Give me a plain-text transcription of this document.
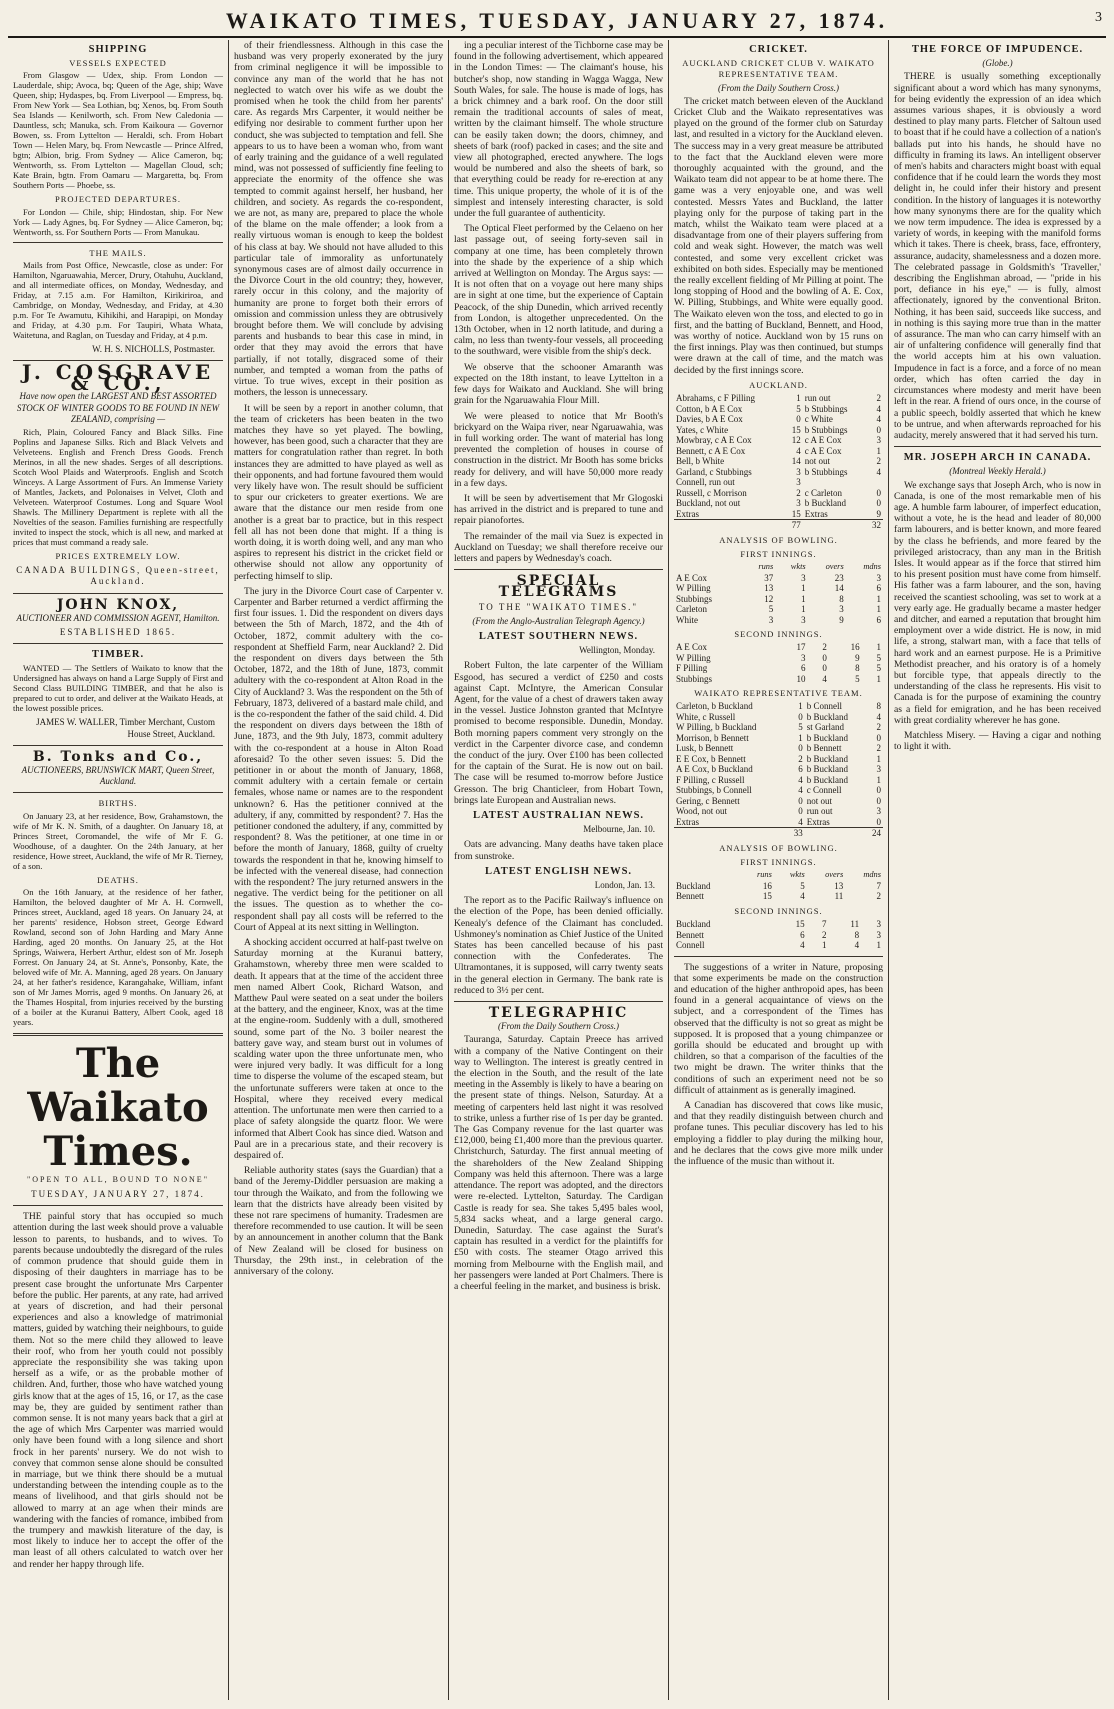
WAIKATO TIMES, TUESDAY, JANUARY 27, 1874.	3
SHIPPING
VESSELS EXPECTED

From Glasgow — Udex, ship. From London — Lauderdale, ship; Avoca, bq; Queen of the Age, ship; Wave Queen, ship; Hydaspes, bq. From Liverpool — Empress, bq. From New York — Sea Lothian, bq; Xenos, bq. From South Sea Islands — Kenilworth, sch. From New Caledonia — Dauntless, sch; Manuka, sch. From Kaikoura — Governor Bowen, ss. From Lyttelton — Heraldi, sch. From Hobart Town — Helen Mary, bq. From Newcastle — Prince Alfred, bgtn; Albion, brig. From Sydney — Alice Cameron, bq; Wentworth, ss. From Lyttelton — Magellan Cloud, sch; Kate Brain, bgtn. From Oamaru — Margaretta, bq. From Southern Ports — Phoebe, ss.

PROJECTED DEPARTURES.

For London — Chile, ship; Hindostan, ship. For New York — Lady Agnes, bq. For Sydney — Alice Cameron, bq; Wentworth, ss. For Southern Ports — From Manukau.

THE MAILS.

Mails from Post Office, Newcastle, close as under: For Hamilton, Ngaruawahia, Mercer, Drury, Otahuhu, Auckland, and all intermediate offices, on Monday, Wednesday, and Friday, at 7.15 a.m. For Hamilton, Kirikiriroa, and Cambridge, on Monday, Wednesday, and Friday, at 4.30 p.m. For Te Awamutu, Kihikihi, and Harapipi, on Monday and Friday, at 4.30 p.m. For Taupiri, Whata Whata, Waitetuna, and Raglan, on Tuesday and Friday, at 4 p.m.

W. H. S. NICHOLLS, Postmaster.
J. COSGRAVE & CO.,
Have now open the LARGEST AND BEST ASSORTED STOCK OF WINTER GOODS TO BE FOUND IN NEW ZEALAND, comprising —

Rich, Plain, Coloured Fancy and Black Silks. Fine Poplins and Japanese Silks. Rich and Black Velvets and Velveteens. English and French Dress Goods. French Merinos, in all the new shades. Serges of all descriptions. Scotch Wool Plaids and Waterproofs. English and Scotch Winceys. A Large Assortment of Furs. An Immense Variety of Mantles, Jackets, and Polonaises in Velvet, Cloth and Velveteen. Waterproof Costumes. Long and Square Wool Shawls. The Millinery Department is replete with all the Novelties of the season. Families furnishing are respectfully invited to inspect the stock, which is all new, and marked at prices that must command a ready sale.

PRICES EXTREMELY LOW.
CANADA BUILDINGS, Queen-street, Auckland.
JOHN KNOX,
AUCTIONEER AND COMMISSION AGENT, Hamilton.
ESTABLISHED 1865.
TIMBER.

WANTED — The Settlers of Waikato to know that the Undersigned has always on hand a Large Supply of First and Second Class BUILDING TIMBER, and that he also is prepared to cut to order, and deliver at the Waikato Heads, at the lowest possible prices.

JAMES W. WALLER, Timber Merchant, Custom House Street, Auckland.
B. Tonks and Co.,
AUCTIONEERS, BRUNSWICK MART, Queen Street, Auckland.
BIRTHS.

On January 23, at her residence, Bow, Grahamstown, the wife of Mr K. N. Smith, of a daughter. On January 18, at Princes Street, Coromandel, the wife of Mr F. G. Woodhouse, of a daughter. On the 24th January, at her residence, Howe street, Auckland, the wife of Mr R. Tierney, of a son.

DEATHS.

On the 16th January, at the residence of her father, Hamilton, the beloved daughter of Mr A. H. Cornwell, Princes street, Auckland, aged 18 years. On January 24, at her parents' residence, Hobson street, George Edward Rowland, second son of John Harding and Mary Anne Harding, aged 20 months. On January 25, at the Hot Springs, Waiwera, Herbert Arthur, eldest son of Mr. Joseph Forrest. On January 24, at St. Anne's, Ponsonby, Kate, the beloved wife of Mr. A. Manning, aged 28 years. On January 24, at her father's residence, Karangahake, William, infant son of Mr James Morris, aged 9 months. On January 26, at the Thames Hospital, from injuries received by the bursting of a boiler at the Kuranui Battery, Albert Cook, aged 18 years.

The Waikato Times.
"OPEN TO ALL, BOUND TO NONE"
TUESDAY, JANUARY 27, 1874.

THE painful story that has occupied so much attention during the last week should prove a valuable lesson to parents, to husbands, and to wives. To parents because undoubtedly the disregard of the rules of common prudence that should guide them in disposing of their daughters in marriage has to be present case brought the unfortunate Mrs Carpenter before the public. Her parents, at any rate, had arrived at years of discretion, and had their personal experiences and also a knowledge of matrimonial matters, guided by watching their neighbours, to guide them. Not so the mere child they allowed to leave their roof, who from her youth could not possibly appreciate the responsibility she was taking upon herself as a wife, or as the probable mother of children. And, further, those who have watched young girls know that at the ages of 15, 16, or 17, as the case may be, they are guided by sentiment rather than common sense. It is not many years back that a girl at the age of which Mrs Carpenter was married would only have been found with a long silence and short frock in her parents' nursery. We do not wish to convey that common sense alone should be consulted in marriage, but we think there should be a mutual understanding between the intending couple as to the means of livelihood, and that girls should not be allowed to marry at an age when their minds are wandering with the fancies of romance, imbibed from the trumpery and mawkish literature of the day, is most likely to induce her to accept the offer of the man least of all others calculated to watch over her and render her happy through life.

of their friendlessness. Although in this case the husband was very properly exonerated by the jury from criminal negligence it will be impossible to convince any man of the world that he has not neglected to watch over his wife as we doubt the promised when he took the child from her parents' care. As regards Mrs Carpenter, it would neither be edifying nor desirable to comment further upon her conduct, she was subjected to temptation and fell. She appears to us to have been a woman who, from want of early training and the guidance of a well regulated mind, was not possessed of sufficiently fine feeling to appreciate the enormity of the offence she was tempted to commit against herself, her husband, her children, and society. As regards the co-respondent, we are not, as many are, prepared to place the whole of the blame on the male offender; a look from a really virtuous woman is enough to keep the boldest of his class at bay. We should not have alluded to this particular tale of immorality as unfortunately synonymous cases are of almost daily occurrence in the Divorce Court in the old country; they, however, rarely occur in this colony, and the majority of humanity are prone to forget both their errors of omission and commission unless they are obtrusively brought before them. We will conclude by advising parents and husbands to bear this case in mind, in order that they may avoid the errors that have partially, if not totally, disgraced some of their number, and tempted a woman from the paths of virtue. To true wives, except in their position as mothers, the lesson is unnecessary.

It will be seen by a report in another column, that the team of cricketers has been beaten in the two matches they have so yet played. The bowling, however, has been good, such a character that they are matters for congratulation rather than regret. In both instances they are admitted to have played as well as their opponents, and had fortune favoured them would very likely have won. The result should be sufficient to spur our cricketers to greater exertions. We are aware that the distance our men reside from one another is a great bar to practice, but in this respect fell all has not been done that might. If a thing is worth doing, it is worth doing well, and any man who aspires to represent his district in the cricket field or otherwise should not allow any opportunity of perfecting himself to slip.

The jury in the Divorce Court case of Carpenter v. Carpenter and Barber returned a verdict affirming the first four issues. 1. Did the respondent on divers days between the 5th of March, 1872, and the 4th of October, 1872, commit adultery with the co-respondent at Sheffield Farm, near Auckland? 2. Did the respondent on divers days between the 5th October, 1872, and the 18th of June, 1873, commit adultery with the co-respondent at Alton Road in the City of Auckland? 3. Was the respondent on the 5th of February, 1873, delivered of a bastard male child, and is the co-respondent the father of the said child. 4. Did the respondent on divers days between the 18th of June, 1873, and the 9th July, 1873, commit adultery with the co-respondent at a house in Alton Road aforesaid? To the other seven issues: 5. Did the petitioner in or about the month of January, 1868, commit adultery with a certain female or certain females, whose name or names are to the respondent unknown? 6. Has the petitioner connived at the adultery, if any, committed by respondent? 7. Has the petitioner condoned the adultery, if any, committed by respondent? 8. Was the petitioner, at one time in or before the month of January, 1868, guilty of cruelty towards the respondent in that he, knowing himself to be infected with the venereal disease, had connection with the respondent? The jury returned answers in the negative. The verdict being for the petitioner on all the issues. The question as to whether the co-respondent shall pay all costs will be referred to the Court of Appeal at its next sitting in Wellington.

A shocking accident occurred at half-past twelve on Saturday morning at the Kuranui battery, Grahamstown, whereby three men were scalded to death. It appears that at the time of the accident three men named Albert Cook, Richard Watson, and Matthew Paul were seated on a seat under the boilers at the battery, and the engineer, Knox, was at the time at the engine-room. Suddenly with a dull, smothered sound, some part of the No. 3 boiler nearest the battery gave way, and steam burst out in volumes of scalding water upon the three unfortunate men, who were injured very badly. It was difficult for a long time to disperse the volume of the escaped steam, but the unfortunate sufferers were taken at once to the Hospital, where they received every medical attention. The unfortunate men were then carried to a place of safety alongside the quartz floor. We were informed that Albert Cook has since died. Watson and Paul are in a precarious state, and their recovery is despaired of.

Reliable authority states (says the Guardian) that a band of the Jeremy-Diddler persuasion are making a tour through the Waikato, and from the following we learn that the districts have already been visited by these not rare specimens of humanity. Tradesmen are therefore recommended to use caution. It will be seen by an announcement in another column that the Bank of New Zealand will be closed for business on Thursday, the 29th inst., in celebration of the anniversary of the colony.

ing a peculiar interest of the Tichborne case may be found in the following advertisement, which appeared in the London Times: — The claimant's house, his butcher's shop, now standing in Wagga Wagga, New South Wales, for sale. The house is made of logs, has a brick chimney and a bark roof. On the door still remain the traditional accounts of sales of meat, written by the claimant himself. The whole structure can be easily taken down; the doors, chimney, and sheets of bark (roof) packed in cases; and the site and view all photographed, erected anywhere. The logs would be numbered and also the sheets of bark, so that everything could be ready for re-erection at any time. This unique property, the whole of it is of the simplest and intensely interesting character, is sold under the full guarantee of authenticity.

The Optical Fleet performed by the Celaeno on her last passage out, of seeing forty-seven sail in company at one time, has been completely thrown into the shade by the experience of a ship which arrived at Wellington on Monday. The Argus says: — It is not often that on a voyage out here many ships are in sight at one time, but the experience of Captain Peacock, of the ship Dunedin, which arrived recently from London, is altogether unprecedented. On the 13th October, when in 12 north latitude, and during a calm, no less than twenty-four vessels, all proceeding to the southward, were visible from the ship's deck.

We observe that the schooner Amaranth was expected on the 18th instant, to leave Lyttelton in a few days for Waikato and Auckland. She will bring grain for the Ngaruawahia Flour Mill.

We were pleased to notice that Mr Booth's brickyard on the Waipa river, near Ngaruawahia, was in full working order. The want of material has long prevented the completion of houses in course of construction in the district. Mr Booth has some bricks ready for delivery, and will have 50,000 more ready in a few days.

It will be seen by advertisement that Mr Glogoski has arrived in the district and is prepared to tune and repair pianofortes.

The remainder of the mail via Suez is expected in Auckland on Tuesday; we shall therefore receive our letters and papers by Wednesday's coach.

SPECIAL TELEGRAMS
TO THE "WAIKATO TIMES."
(From the Anglo-Australian Telegraph Agency.)
LATEST SOUTHERN NEWS.
Wellington, Monday.

Robert Fulton, the late carpenter of the William Esgood, has secured a verdict of £250 and costs against Capt. McIntyre, the American Consular Agent, for the value of a chest of drawers taken away in the vessel. Justice Johnston granted that McIntyre promised to become responsible. Dunedin, Monday. Both morning papers comment very strongly on the verdict in the Carpenter divorce case, and condemn the conduct of the jury. Over £100 has been collected for the captain of the Surat. He is now out on bail. The case will be resumed to-morrow before Justice Gresson. The brig Chanticleer, from Hobart Town, brings late European and Australian news.

LATEST AUSTRALIAN NEWS.
Melbourne, Jan. 10.

Oats are advancing. Many deaths have taken place from sunstroke.

LATEST ENGLISH NEWS.
London, Jan. 13.

The report as to the Pacific Railway's influence on the election of the Pope, has been denied officially. Kenealy's defence of the Claimant has concluded. Ushmoney's nomination as Chief Justice of the United States has been cancelled because of his past connection with the Confederates. The Ultramontanes, it is supposed, will carry twenty seats in the general election in Germany. The bank rate is reduced to 3½ per cent.

TELEGRAPHIC
(From the Daily Southern Cross.)

Tauranga, Saturday. Captain Preece has arrived with a company of the Native Contingent on their way to Wellington. The interest is greatly centred in the election in the South, and the result of the late meeting in the Assembly is likely to have a bearing on the present state of things. Nelson, Saturday. At a meeting of carpenters held last night it was resolved to strike, unless a further rise of 1s per day be granted. The Gas Company revenue for the last quarter was £12,000, being £1,400 more than the previous quarter. Christchurch, Saturday. The first annual meeting of the shareholders of the New Zealand Shipping Company was held this afternoon. There was a large attendance. The report was adopted, and the directors were re-elected. Lyttelton, Saturday. The Cardigan Castle is ready for sea. She takes 5,495 bales wool, 5,834 sacks wheat, and a large general cargo. Dunedin, Saturday. The case against the Surat's captain has resulted in a verdict for the plaintiffs for £50 with costs. The steamer Otago arrived this morning from Melbourne with the English mail, and her passengers were landed at Port Chalmers. There is a cheerful feeling in the market, and business is brisk.

CRICKET.
AUCKLAND CRICKET CLUB V. WAIKATO REPRESENTATIVE TEAM.
(From the Daily Southern Cross.)

The cricket match between eleven of the Auckland Cricket Club and the Waikato representatives was played on the ground of the former club on Saturday last, and resulted in a victory for the Auckland eleven. The success may in a very great measure be attributed to the fact that the Auckland eleven were more thoroughly acquainted with the ground, and the Waikato team did not appear to be at home there. The game was a very enjoyable one, and was well contested. Messrs Yates and Buckland, the latter playing only for the purpose of taking part in the match, whilst the Waikato team were placed at a disadvantage from one of their players suffering from cold and weak sight. However, the match was well contested, and some very excellent cricket was exhibited on both sides. Especially may be mentioned the really excellent fielding of Mr Pilling at point. The long stopping of Hood and the bowling of A. E. Cox, W. Pilling, Stubbings, and White were equally good. The Waikato eleven won the toss, and elected to go in first, and the batting of Buckland, Bennett, and Hood, was worthy of notice. Auckland won by 15 runs on the first innings. Play was then continued, but stumps were drawn at the call of time, and the match was decided by the first innings score.

AUCKLAND.
Abrahams, c F Pilling	1	run out	2
Cotton, b A E Cox	5	b Stubbings	4
Davies, b A E Cox	0	c White	4
Yates, c White	15	b Stubbings	0
Mowbray, c A E Cox	12	c A E Cox	3
Bennett, c A E Cox	4	c A E Cox	1
Bell, b White	14	not out	2
Garland, c Stubbings	3	b Stubbings	4
Connell, run out	3		
Russell, c Morrison	2	c Carleton	0
Buckland, not out	3	b Buckland	0
Extras	15	Extras	9
	77		32
ANALYSIS OF BOWLING.
FIRST INNINGS.
	runs	wkts	overs	mdns
A E Cox	37	3	23	3
W Pilling	13	1	14	6
Stubbings	12	1	8	1
Carleton	5	1	3	1
White	3	3	9	6
SECOND INNINGS.
A E Cox	17	2	16	1
W Pilling	3	0	9	5
F Pilling	6	0	8	5
Stubbings	10	4	5	1
WAIKATO REPRESENTATIVE TEAM.
Carleton, b Buckland	1	b Connell	8
White, c Russell	0	b Buckland	4
W Pilling, b Buckland	5	st Garland	2
Morrison, b Bennett	1	b Buckland	0
Lusk, b Bennett	0	b Bennett	2
E E Cox, b Bennett	2	b Buckland	1
A E Cox, b Buckland	6	b Buckland	3
F Pilling, c Russell	4	b Buckland	1
Stubbings, b Connell	4	c Connell	0
Gering, c Bennett	0	not out	0
Wood, not out	0	run out	3
Extras	4	Extras	0
	33		24
ANALYSIS OF BOWLING.
FIRST INNINGS.
	runs	wkts	overs	mdns
Buckland	16	5	13	7
Bennett	15	4	11	2
SECOND INNINGS.
Buckland	15	7	11	3
Bennett	6	2	8	3
Connell	4	1	4	1

The suggestions of a writer in Nature, proposing that some experiments be made on the construction and education of the higher anthropoid apes, has been found in a general acquaintance of views on the subject, and a correspondent of the Times has observed that the difficulty is not so great as might be supposed. It is proposed that a young chimpanzee or gorilla should be educated and brought up with children, so that a comparison of the faculties of the two might be drawn. The writer thinks that the conditions of such an experiment need not be so difficult of attainment as is generally imagined.

A Canadian has discovered that cows like music, and that they readily distinguish between church and profane tunes. This peculiar discovery has led to his employing a fiddler to play during the milking hour, and he declares that the cows give more milk under the influence of the music than without it.

THE FORCE OF IMPUDENCE.
(Globe.)

THERE is usually something exceptionally significant about a word which has many synonyms, for being evidently the expression of an idea which assumes various shapes, it is obviously a word destined to play many parts. Fletcher of Saltoun used to boast that if he could have a collection of a nation's ballads put into his hands, he should have no difficulty in framing its laws. An intelligent observer of men's habits and characters might boast with equal confidence that if he could learn the words they most delight in, he could infer their history and present condition. In the history of languages it is noteworthy how many synonyms there are for the quality which we now term impudence. The idea is expressed by a variety of words, in keeping with the manifold forms which it takes. There is cheek, brass, face, effrontery, assurance, audacity, shamelessness and a dozen more. The celebrated passage in Goldsmith's 'Traveller,' describing the Englishman abroad, — "pride in his port, defiance in his eye," — is fully, almost affectionately, ignored by the conventional Briton. Nothing, it has been said, succeeds like success, and in nothing is this saying more true than in the matter of assurance. The man who can carry himself with an air of unfaltering confidence will generally find that the world accepts him at his own valuation. Impudence in fact is a force, and a force of no mean order, which has often carried the day in circumstances where modesty and merit have been left in the rear. A friend of ours once, in the course of a public speech, boldly asserted that which he knew to be untrue, and when afterwards reproached for his audacity, merely answered that it had served his turn.

MR. JOSEPH ARCH IN CANADA.
(Montreal Weekly Herald.)

We exchange says that Joseph Arch, who is now in Canada, is one of the most remarkable men of his age. A humble farm labourer, of imperfect education, without a vote, he is the head and leader of 80,000 farm labourers, and is better known, and more feared by the class he befriends, and more feared by the privileged aristocracy, than any man in the British Isles. It would appear as if the force that stirred him to his present position must have come from himself. His father was a farm labourer, and the son, having received the scantiest schooling, was set to work at a very early age. He gradually became a master hedger and ditcher, and earned a reputation that brought him employment over a wide district. He is now, in mid life, a strong, stalwart man, with a face that tells of hard work and an earnest purpose. He is a Primitive Methodist preacher, and his oratory is of a homely but forcible type, that appeals directly to the understanding of the class he represents. His visit to Canada is for the purpose of examining the country as a field for emigration, and he has been received with great cordiality wherever he has gone.

Matchless Misery. — Having a cigar and nothing to light it with.
